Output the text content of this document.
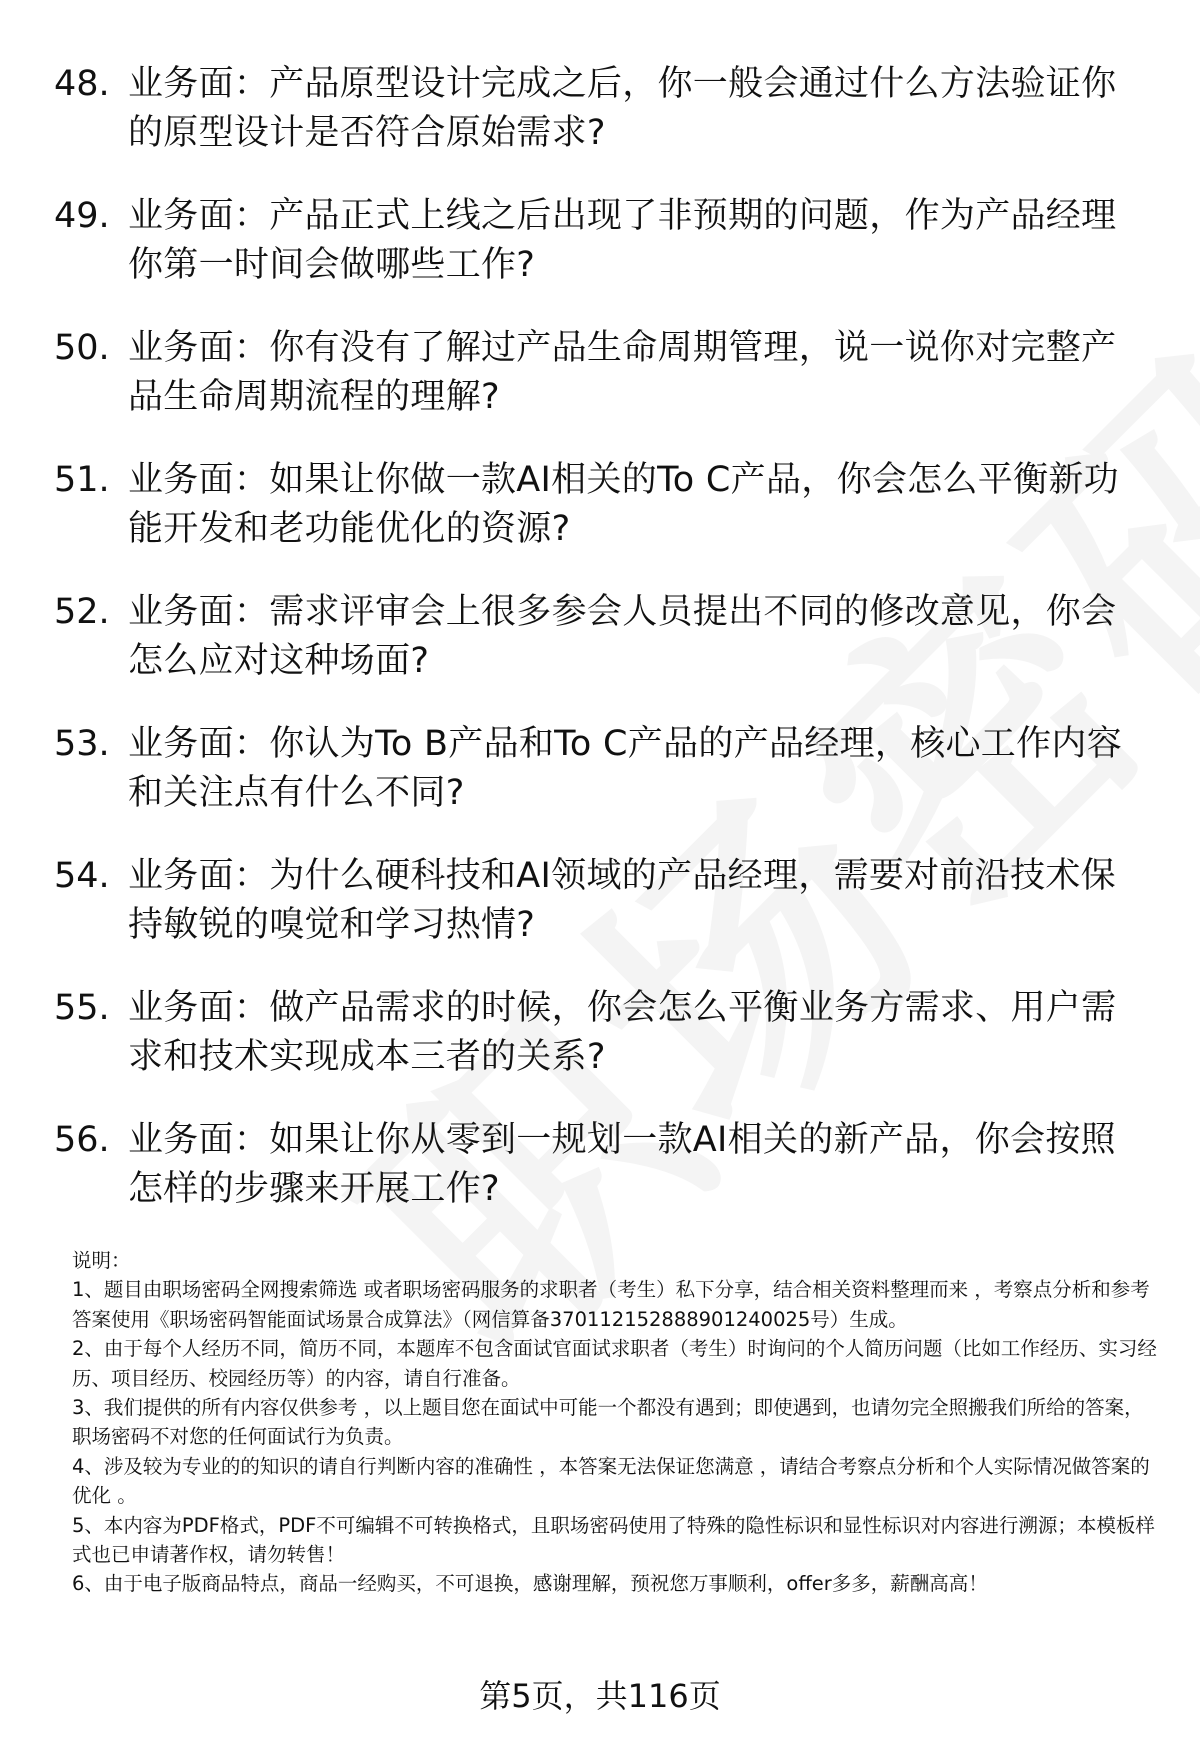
48. 业务面：产品原型设计完成之后，你一般会通过什么方法验证你的原型设计是否符合原始需求?
49. 业务面：产品正式上线之后出现了非预期的问题，作为产品经理你第一时间会做哪些工作?
50. 业务面：你有没有了解过产品生命周期管理，说一说你对完整产品生命周期流程的理解?
51. 业务面：如果让你做一款AI相关的To C产品，你会怎么平衡新功能开发和老功能优化的资源?
52. 业务面：需求评审会上很多参会人员提出不同的修改意见，你会怎么应对这种场面?
53. 业务面：你认为To B产品和To C产品的产品经理，核心工作内容和关注点有什么不同?
54. 业务面：为什么硬科技和AI领域的产品经理，需要对前沿技术保持敏锐的嗅觉和学习热情?
55. 业务面：做产品需求的时候，你会怎么平衡业务方需求、用户需求和技术实现成本三者的关系?
56. 业务面：如果让你从零到一规划一款AI相关的新产品，你会按照怎样的步骤来开展工作?

说明：

1、题目由职场密码全网搜索筛选 或者职场密码服务的求职者（考生）私下分享，结合相关资料整理而来 ，考察点分析和参考答案使用《职场密码智能面试场景合成算法》（网信算备370112152888901240025号）生成。

2、由于每个人经历不同，简历不同，本题库不包含面试官面试求职者（考生）时询问的个人简历问题（比如工作经历、实习经历、项目经历、校园经历等）的内容，请自行准备。

3、我们提供的所有内容仅供参考 ，以上题目您在面试中可能一个都没有遇到；即使遇到，也请勿完全照搬我们所给的答案，职场密码不对您的任何面试行为负责。

4、涉及较为专业的的知识的请自行判断内容的准确性 ，本答案无法保证您满意 ，请结合考察点分析和个人实际情况做答案的优化 。

5、本内容为PDF格式，PDF不可编辑不可转换格式，且职场密码使用了特殊的隐性标识和显性标识对内容进行溯源；本模板样式也已申请著作权，请勿转售！

6、由于电子版商品特点，商品一经购买，不可退换，感谢理解，预祝您万事顺利，offer多多，薪酬高高！

第5页，共116页
